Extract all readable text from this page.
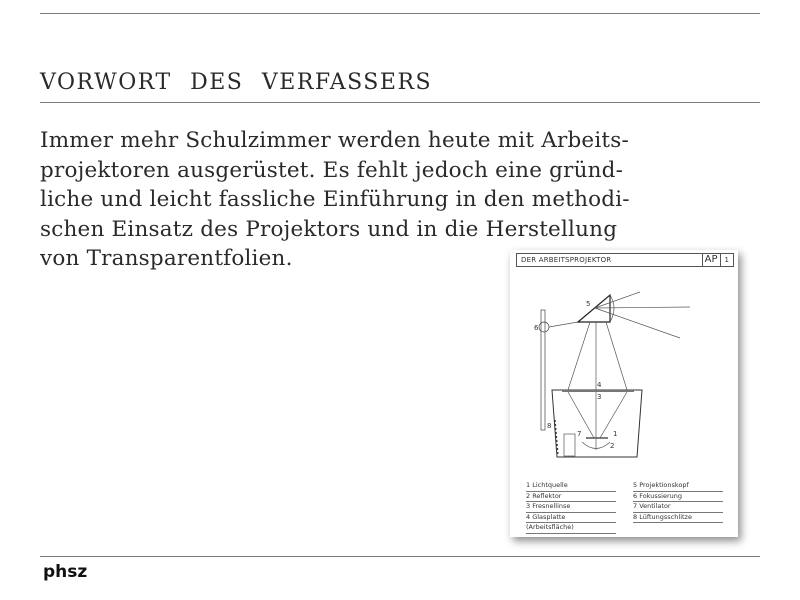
VORWORT DES VERFASSERS
Immer mehr Schulzimmer werden heute mit Arbeits-
projektoren ausgerüstet. Es fehlt jedoch eine gründ-
liche und leicht fassliche Einführung in den methodi-
schen Einsatz des Projektors und in die Herstellung
von Transparentfolien.	DER ARBEITSPROJEKTOR	AP	1
5
6
4
3
1
2
7
8
1 Lichtquelle
2 Reflektor
3 Fresnellinse
4 Glasplatte
(Arbeitsfläche)
5 Projektionskopf
6 Fokussierung
7 Ventilator
8 Lüftungsschlitze
phsz
